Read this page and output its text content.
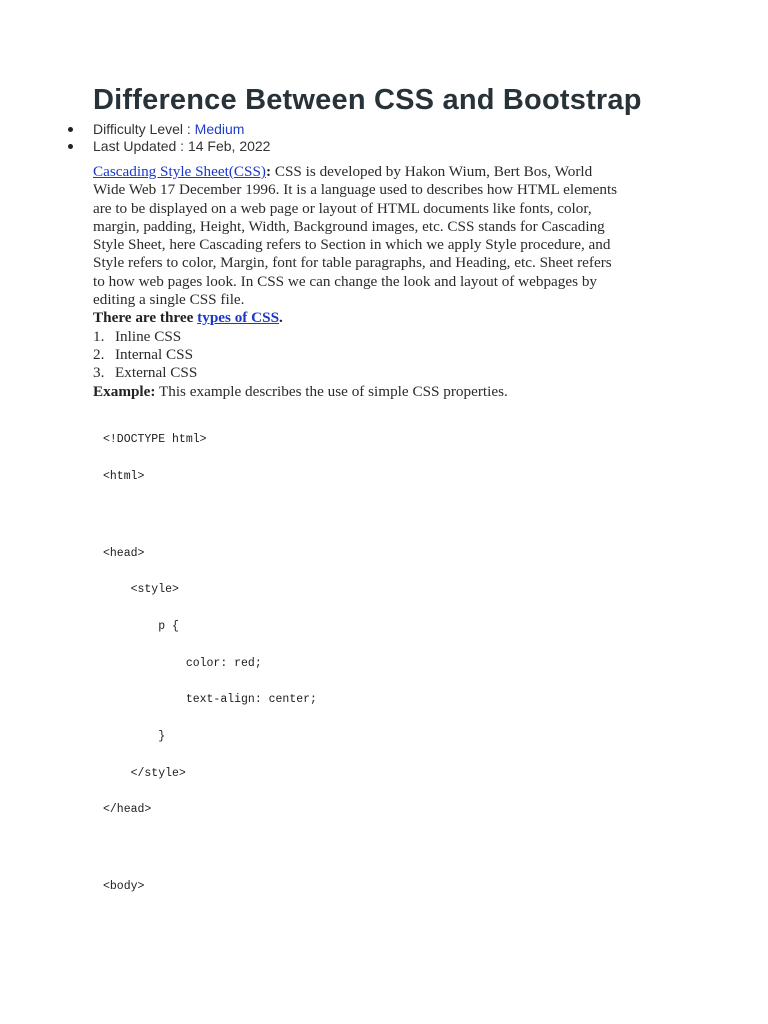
Difference Between CSS and Bootstrap
Difficulty Level : Medium
Last Updated : 14 Feb, 2022
Cascading Style Sheet(CSS): CSS is developed by Hakon Wium, Bert Bos, World
Wide Web 17 December 1996. It is a language used to describes how HTML elements
are to be displayed on a web page or layout of HTML documents like fonts, color,
margin, padding, Height, Width, Background images, etc. CSS stands for Cascading
Style Sheet, here Cascading refers to Section in which we apply Style procedure, and
Style refers to color, Margin, font for table paragraphs, and Heading, etc. Sheet refers
to how web pages look. In CSS we can change the look and layout of webpages by
editing a single CSS file.
There are three types of CSS.
1. Inline CSS
2. Internal CSS
3. External CSS
Example: This example describes the use of simple CSS properties.
<!DOCTYPE html>
<html>
<head>
<style>
p {
color: red;
text-align: center;
}
</style>
</head>
<body>
